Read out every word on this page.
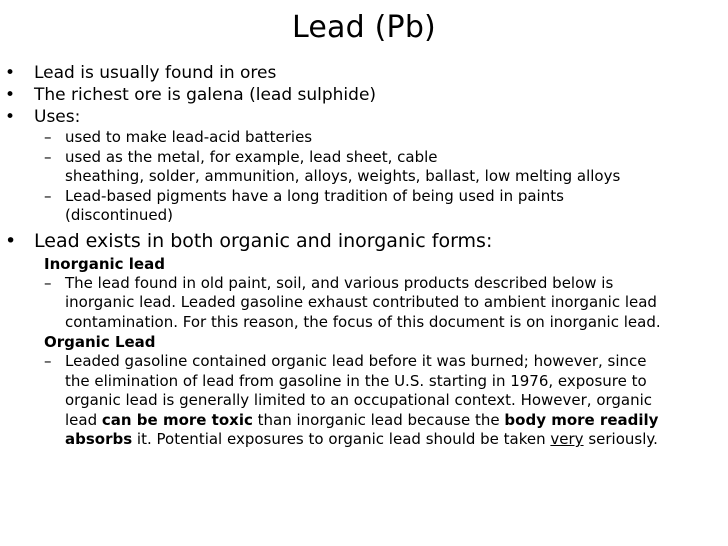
Lead (Pb)
• Lead is usually found in ores
• The richest ore is galena (lead sulphide)
• Uses:
– used to make lead-acid batteries
– used as the metal, for example, lead sheet, cable
sheathing, solder, ammunition, alloys, weights, ballast, low melting alloys
– Lead-based pigments have a long tradition of being used in paints
(discontinued)
• Lead exists in both organic and inorganic forms:
Inorganic lead
– The lead found in old paint, soil, and various products described below is
inorganic lead. Leaded gasoline exhaust contributed to ambient inorganic lead
contamination. For this reason, the focus of this document is on inorganic lead.
Organic Lead
– Leaded gasoline contained organic lead before it was burned; however, since
the elimination of lead from gasoline in the U.S. starting in 1976, exposure to
organic lead is generally limited to an occupational context. However, organic
lead can be more toxic than inorganic lead because the body more readily
absorbs it. Potential exposures to organic lead should be taken very seriously.
